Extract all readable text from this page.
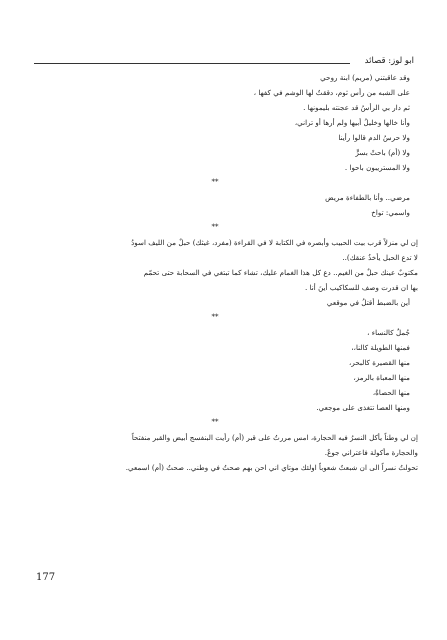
ابو لوز: قصائد
وقد عاقبتني (مريم) ابنة روحي
على الشبه من رأس ثوم، دققتُ لها الوشم في كفها ،
ثم دار بي الرأسُ قد عجنته بليمونها .
وأنا خالها وخليلُ أبيها ولم أرها أو تراني،
ولا حرسُ الدم قالوا رأينا
ولا (أم) باحتْ بسرٍّ
ولا المستريبون باحوا .
**
مرضي.. وأنا بالطفاءة مريض
واسمي: تواخ
**
إن لي منزلاً قرب بيت الحبيب وأبصره في الكتابة لا في القراءة (مفرد، غيثك) حبلٌ من الليف اسودُ
لا تدع الحبل يأخذُ عنقك)..
مكتوبٌ عينك حبلٌ من الغيم.. دع كل هذا الغمام عليك، تشاء كما تبتغي في السحابة حتى تحمّم
بها ان قدرت وصف للسكاكيب أينَ أنا .
أين بالضبط أقتلُ في موقعي
**
جُملٌ كالنساء ،
فمنها الطويلة كالنا،،
منها القصيرة كالبحر،
منها المعباة بالرمز،
منها الحصاةُ،
ومنها العصا تتغذى على موجعي.
**
إن لي وطناً يأكل النسرُ فيه الحجارة، امس مررتُ على قبر (أم) رأيت البنفسج أبيض والقبر منفتحاً
والحجارة مأكولة فاعتراني جوعٌ.
تحولتُ نسراً الى ان شبعتُ شعوباً اولئك موتاي اني احن بهم صحتُ في وطني.. صحتُ (أم) اسمعي.
177
